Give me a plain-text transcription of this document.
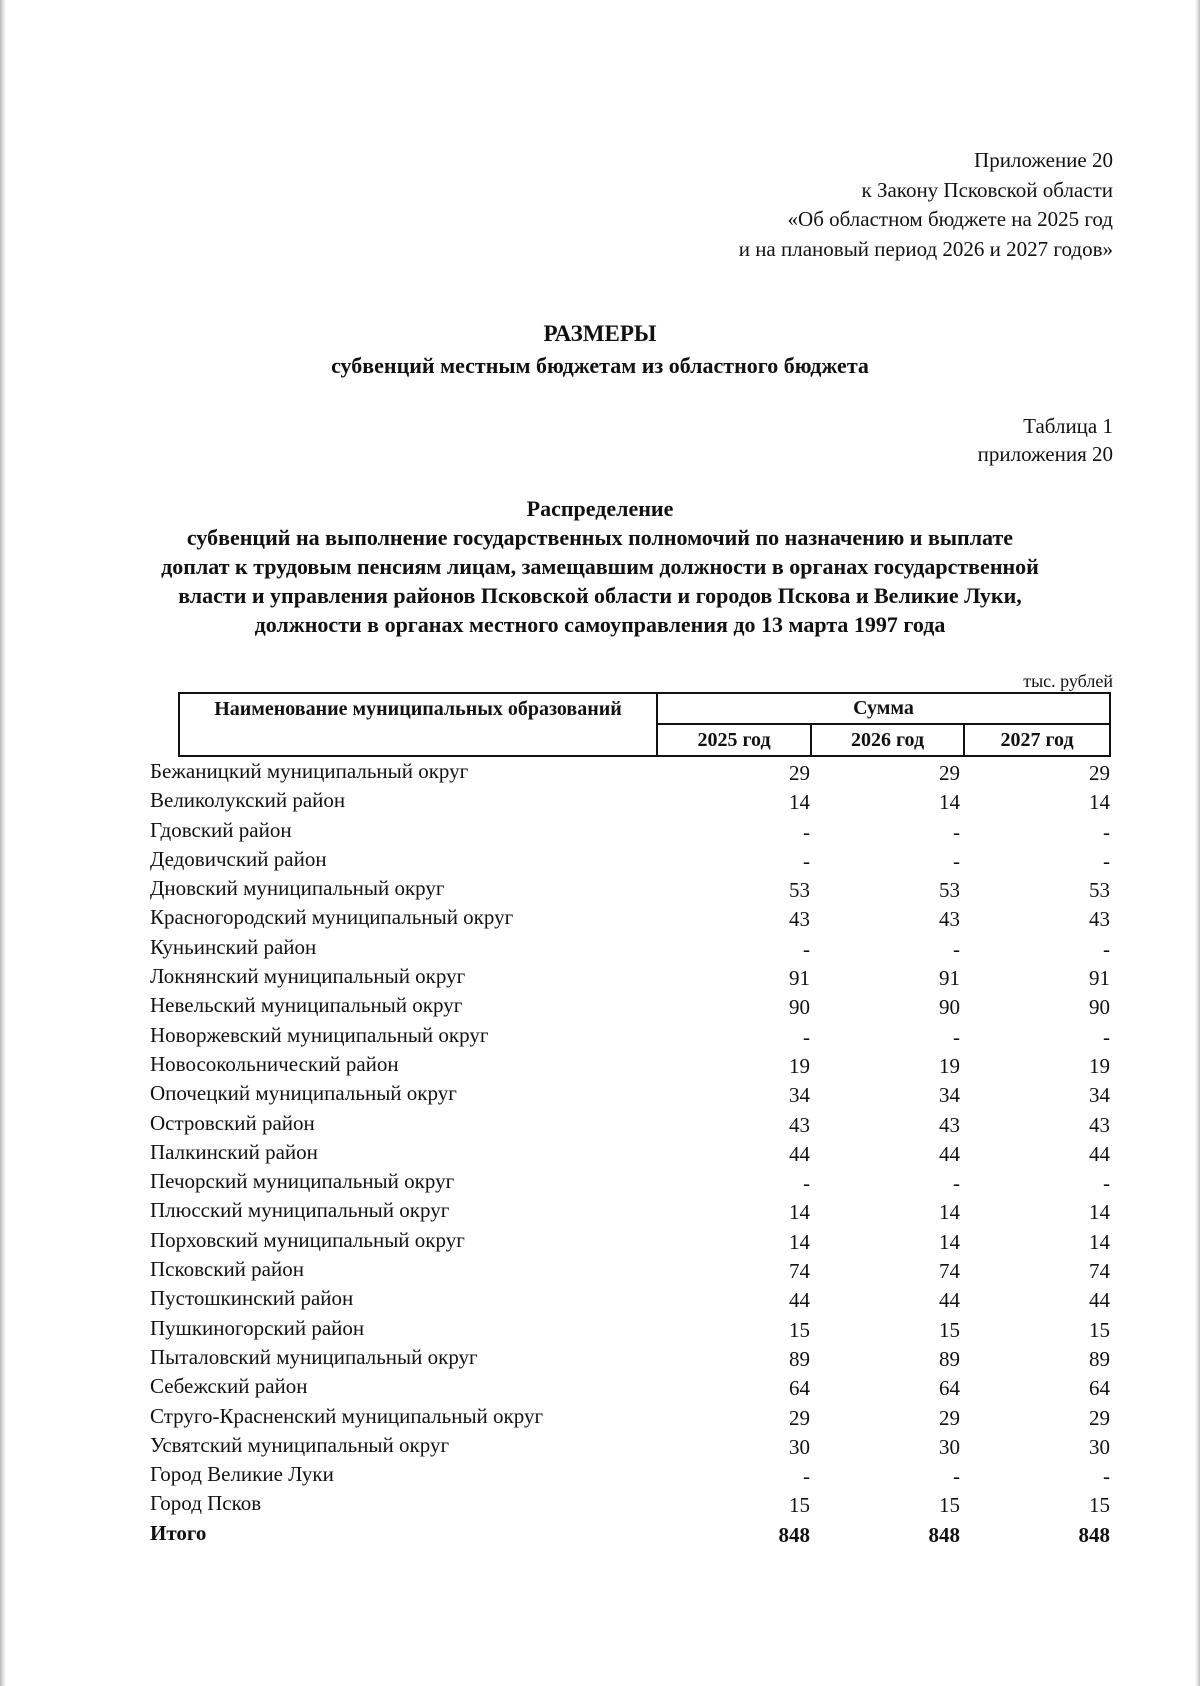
Приложение 20
к Закону Псковской области
«Об областном бюджете на 2025 год
и на плановый период 2026 и 2027 годов»
РАЗМЕРЫ
субвенций местным бюджетам из областного бюджета
Таблица 1
приложения 20
Распределение
субвенций на выполнение государственных полномочий по назначению и выплате
доплат к трудовым пенсиям лицам, замещавшим должности в органах государственной
власти и управления районов Псковской области и городов Пскова и Великие Луки,
должности в органах местного самоуправления до 13 марта 1997 года
тыс. рублей
Наименование муниципальных образований	Сумма
2025 год	2026 год	2027 год
Бежаницкий муниципальный округ	29	29	29
Великолукский район	14	14	14
Гдовский район	-	-	-
Дедовичский район	-	-	-
Дновский муниципальный округ	53	53	53
Красногородский муниципальный округ	43	43	43
Куньинский район	-	-	-
Локнянский муниципальный округ	91	91	91
Невельский муниципальный округ	90	90	90
Новоржевский муниципальный округ	-	-	-
Новосокольнический район	19	19	19
Опочецкий муниципальный округ	34	34	34
Островский район	43	43	43
Палкинский район	44	44	44
Печорский муниципальный округ	-	-	-
Плюсский муниципальный округ	14	14	14
Порховский муниципальный округ	14	14	14
Псковский район	74	74	74
Пустошкинский район	44	44	44
Пушкиногорский район	15	15	15
Пыталовский муниципальный округ	89	89	89
Себежский район	64	64	64
Струго-Красненский муниципальный округ	29	29	29
Усвятский муниципальный округ	30	30	30
Город Великие Луки	-	-	-
Город Псков	15	15	15
Итого	848	848	848
